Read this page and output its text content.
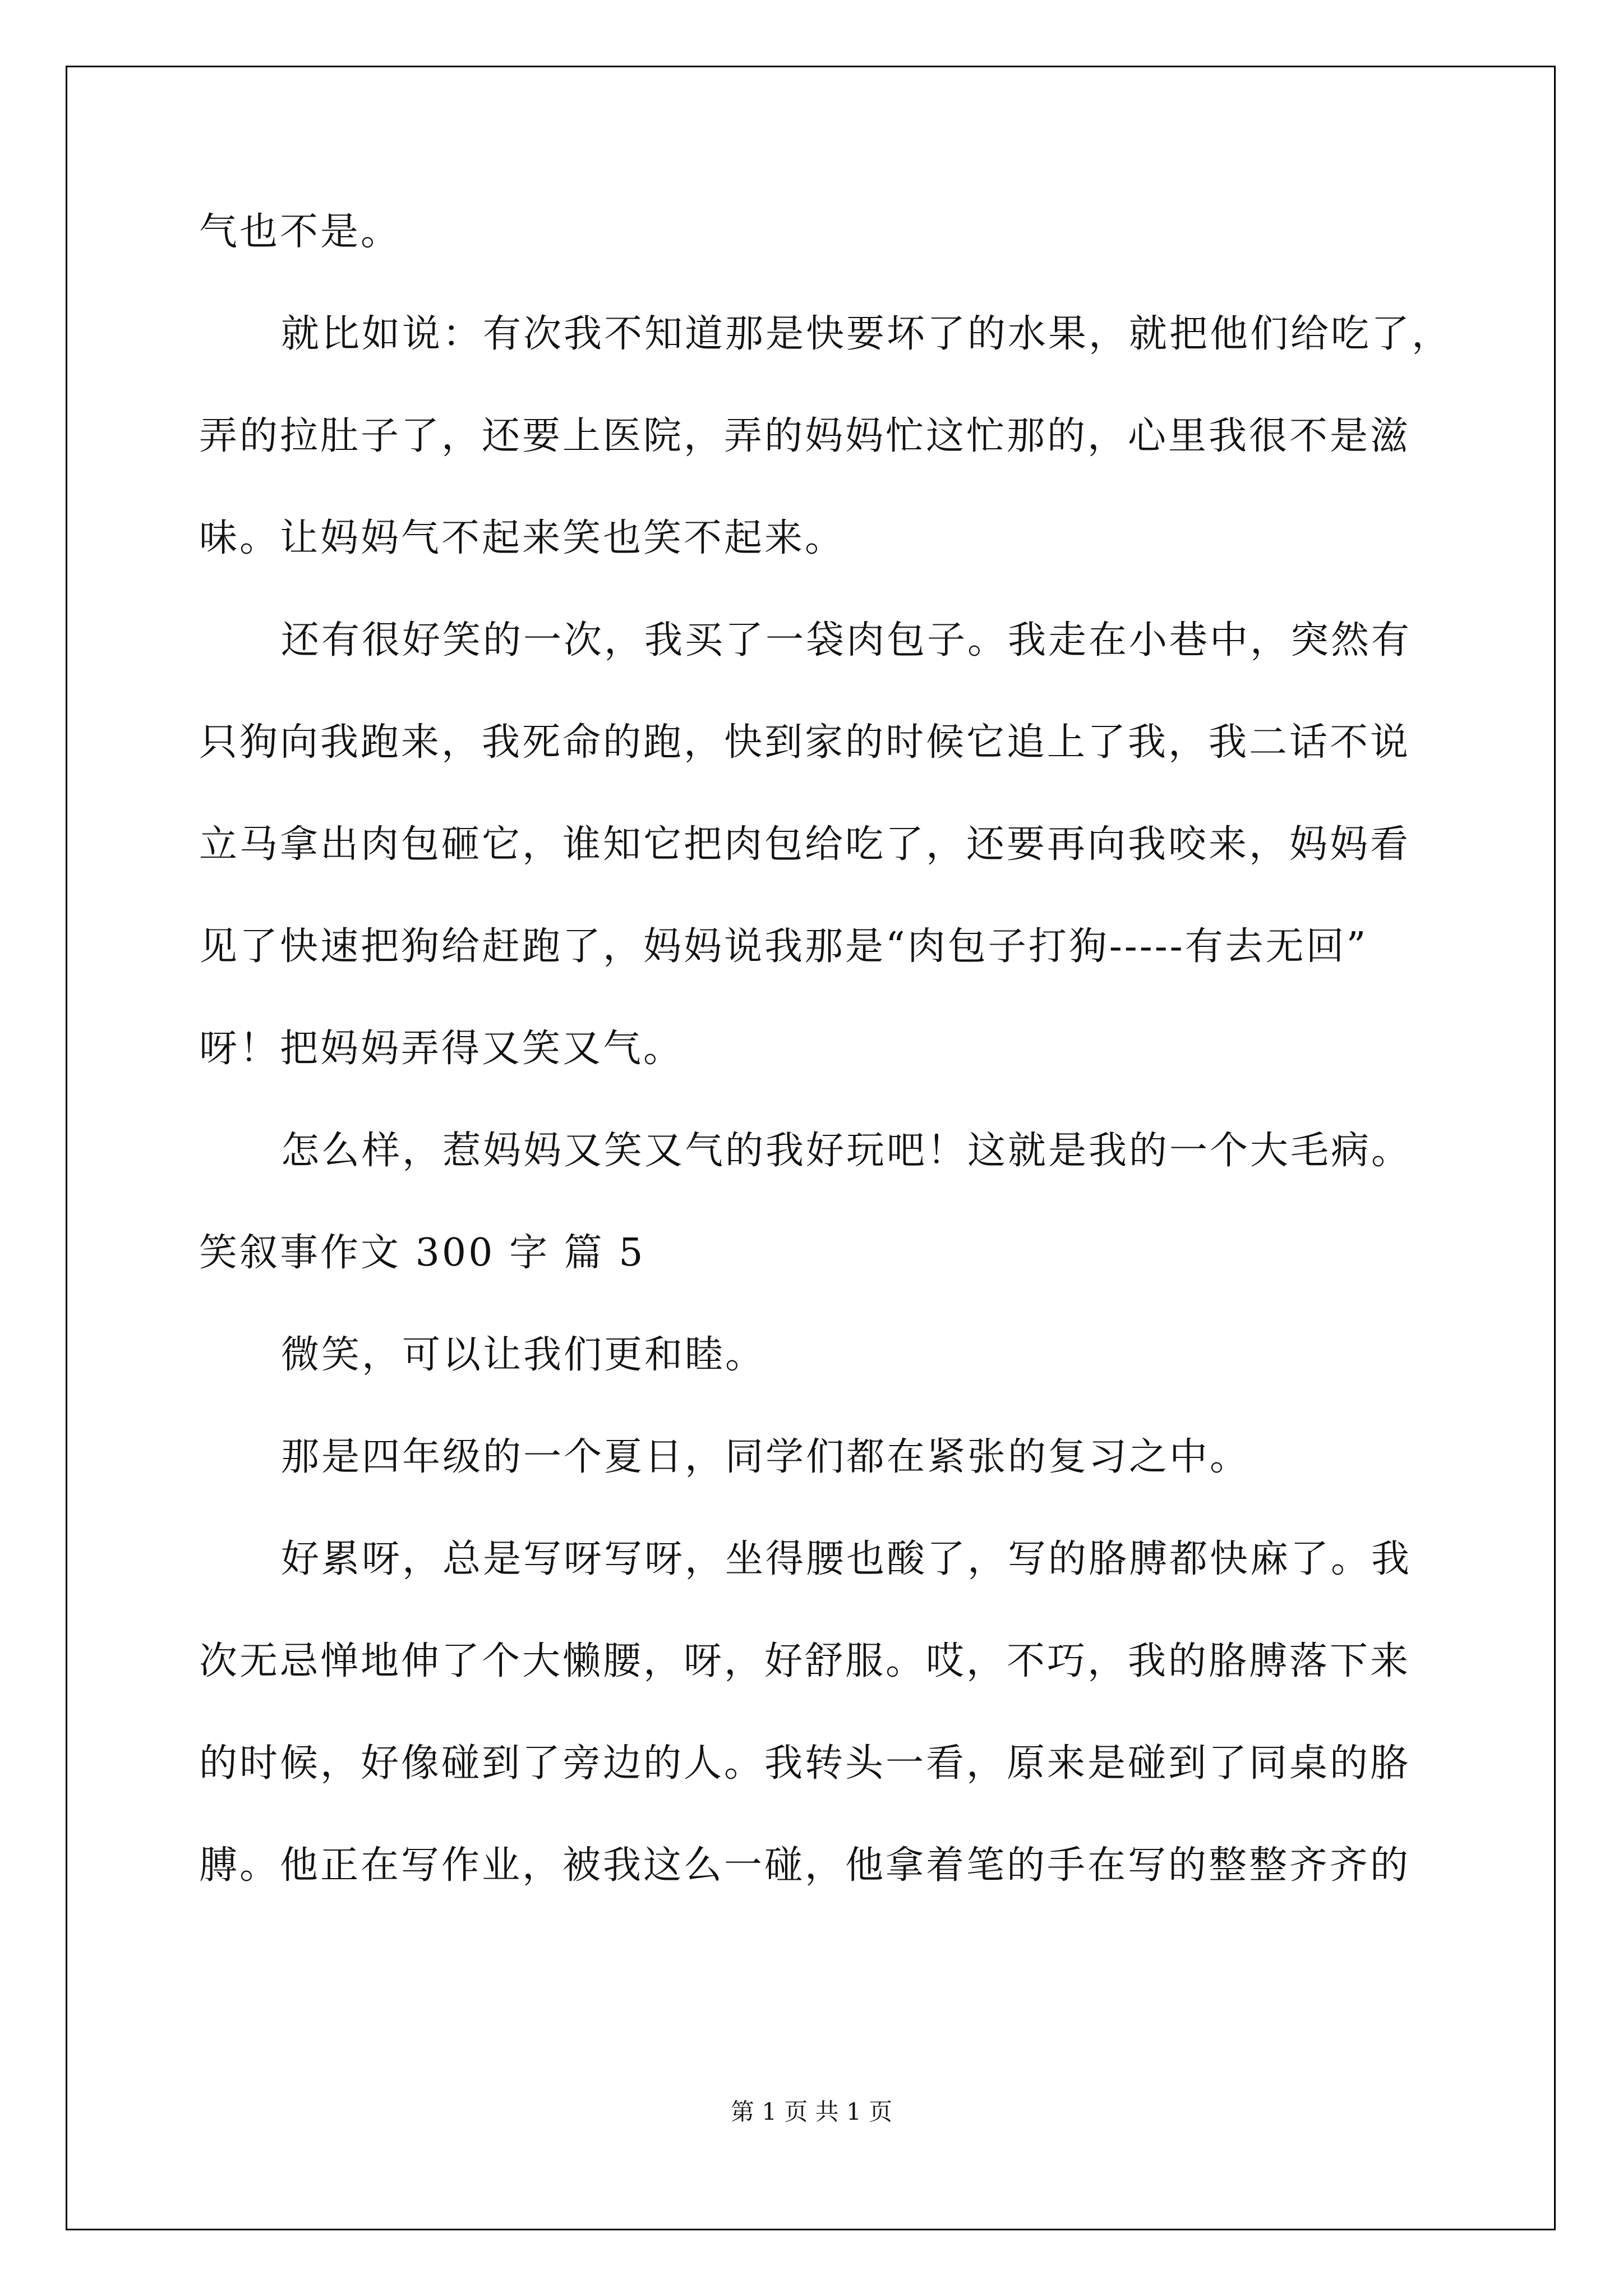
气也不是。
就比如说：有次我不知道那是快要坏了的水果，就把他们给吃了，
弄的拉肚子了，还要上医院，弄的妈妈忙这忙那的，心里我很不是滋
味。让妈妈气不起来笑也笑不起来。
还有很好笑的一次，我买了一袋肉包子。我走在小巷中，突然有
只狗向我跑来，我死命的跑，快到家的时候它追上了我，我二话不说
立马拿出肉包砸它，谁知它把肉包给吃了，还要再向我咬来，妈妈看
见了快速把狗给赶跑了，妈妈说我那是“肉包子打狗-----有去无回”
呀！把妈妈弄得又笑又气。
怎么样，惹妈妈又笑又气的我好玩吧！这就是我的一个大毛病。
笑叙事作文 300 字 篇 5
微笑，可以让我们更和睦。
那是四年级的一个夏日，同学们都在紧张的复习之中。
好累呀，总是写呀写呀，坐得腰也酸了，写的胳膊都快麻了。我
次无忌惮地伸了个大懒腰，呀，好舒服。哎，不巧，我的胳膊落下来
的时候，好像碰到了旁边的人。我转头一看，原来是碰到了同桌的胳
膊。他正在写作业，被我这么一碰，他拿着笔的手在写的整整齐齐的
第 1 页 共 1 页
